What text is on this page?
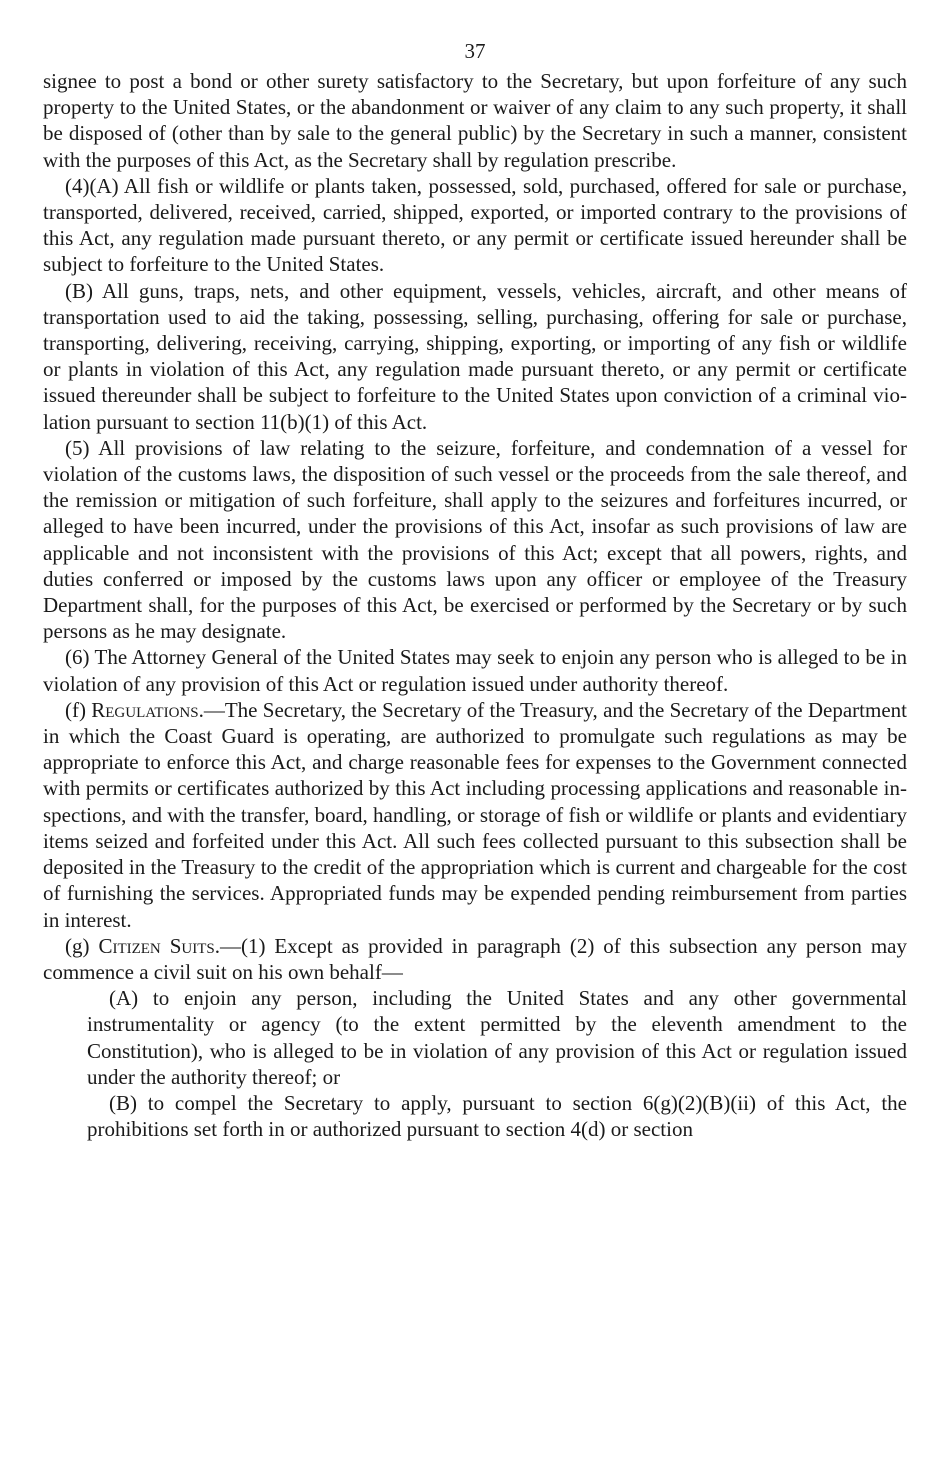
37

signee to post a bond or other surety satisfactory to the Secretary, but upon forfeiture of any such property to the United States, or the abandonment or waiver of any claim to any such property, it shall be disposed of (other than by sale to the general public) by the Secretary in such a manner, consistent with the purposes of this Act, as the Secretary shall by regulation prescribe.

(4)(A) All fish or wildlife or plants taken, possessed, sold, purchased, offered for sale or purchase, transported, delivered, received, carried, shipped, exported, or imported contrary to the provisions of this Act, any regulation made pursuant thereto, or any permit or certificate issued hereunder shall be subject to forfeiture to the United States.

(B) All guns, traps, nets, and other equipment, vessels, vehicles, aircraft, and other means of transportation used to aid the taking, possessing, selling, purchasing, offering for sale or purchase, transporting, delivering, receiving, carrying, shipping, exporting, or importing of any fish or wildlife or plants in violation of this Act, any regulation made pursuant thereto, or any permit or certificate issued thereunder shall be subject to forfeiture to the United States upon conviction of a criminal violation pursuant to section 11(b)(1) of this Act.

(5) All provisions of law relating to the seizure, forfeiture, and condemnation of a vessel for violation of the customs laws, the disposition of such vessel or the proceeds from the sale thereof, and the remission or mitigation of such forfeiture, shall apply to the seizures and forfeitures incurred, or alleged to have been incurred, under the provisions of this Act, insofar as such provisions of law are applicable and not inconsistent with the provisions of this Act; except that all powers, rights, and duties conferred or imposed by the customs laws upon any officer or employee of the Treasury Department shall, for the purposes of this Act, be exercised or performed by the Secretary or by such persons as he may designate.

(6) The Attorney General of the United States may seek to enjoin any person who is alleged to be in violation of any provision of this Act or regulation issued under authority thereof.

(f) Regulations.—The Secretary, the Secretary of the Treasury, and the Secretary of the Department in which the Coast Guard is operating, are authorized to promulgate such regulations as may be appropriate to enforce this Act, and charge reasonable fees for expenses to the Government connected with permits or certificates authorized by this Act including processing applications and reasonable inspections, and with the transfer, board, handling, or storage of fish or wildlife or plants and evidentiary items seized and forfeited under this Act. All such fees collected pursuant to this subsection shall be deposited in the Treasury to the credit of the appropriation which is current and chargeable for the cost of furnishing the services. Appropriated funds may be expended pending reimbursement from parties in interest.

(g) Citizen Suits.—(1) Except as provided in paragraph (2) of this subsection any person may commence a civil suit on his own behalf—

(A) to enjoin any person, including the United States and any other governmental instrumentality or agency (to the extent permitted by the eleventh amendment to the Constitution), who is alleged to be in violation of any provision of this Act or regulation issued under the authority thereof; or

(B) to compel the Secretary to apply, pursuant to section 6(g)(2)(B)(ii) of this Act, the prohibitions set forth in or authorized pursuant to section 4(d) or section
